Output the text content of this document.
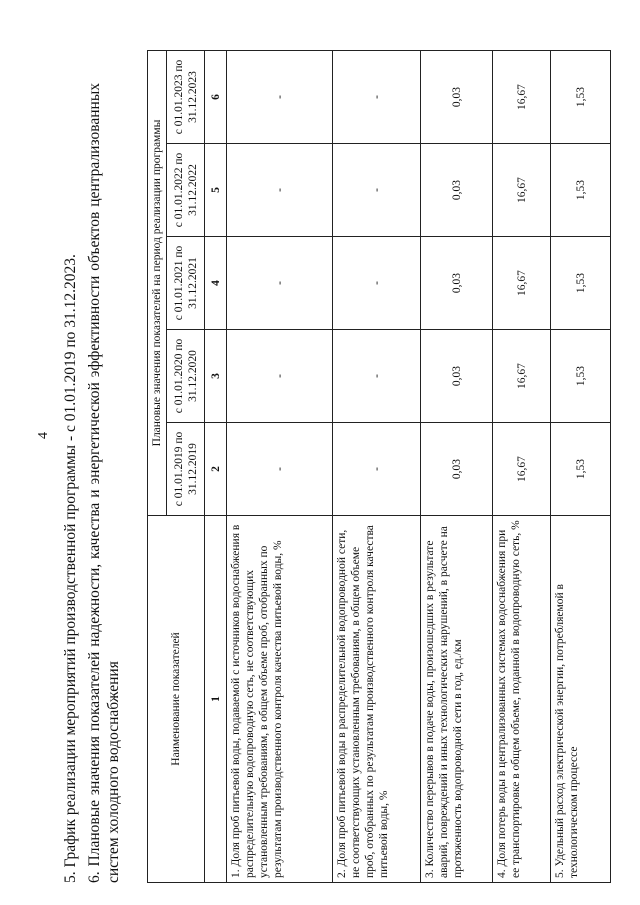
4 5. График реализации мероприятий производственной программы - с 01.01.2019 по 31.12.2023. 6. Плановые значения показателей надежности, качества и энергетической эффективности объектов централизованных систем холодного водоснабжения	Наименование показателей	Плановые значения показателей на период реализации программы				
	с 01.01.2019 по 31.12.2019	с 01.01.2020 по 31.12.2020	с 01.01.2021 по 31.12.2021	с 01.01.2022 по 31.12.2022	с 01.01.2023 по 31.12.2023
1	2	3	4	5	6
1. Доля проб питьевой воды, подаваемой с источников водоснабжения в распределительную водопроводную сеть, не соответствующих установленным требованиям, в общем объеме проб, отобранных по результатам производственного контроля качества питьевой воды, %	-	-	-	-	-
2. Доля проб питьевой воды в распределительной водопроводной сети, не соответствующих установленным требованиям, в общем объеме проб, отобранных по результатам производственного контроля качества питьевой воды, %	-	-	-	-	-
3. Количество перерывов в подаче воды, произошедших в результате аварий, повреждений и иных технологических нарушений, в расчете на протяженность водопроводной сети в год, ед./км	0,03	0,03	0,03	0,03	0,03
4. Доля потерь воды в централизованных системах водоснабжения при ее транспортировке в общем объеме, поданной в водопроводную сеть, %	16,67	16,67	16,67	16,67	16,67
5. Удельный расход электрической энергии, потребляемой в технологическом процессе	1,53	1,53	1,53	1,53	1,53
